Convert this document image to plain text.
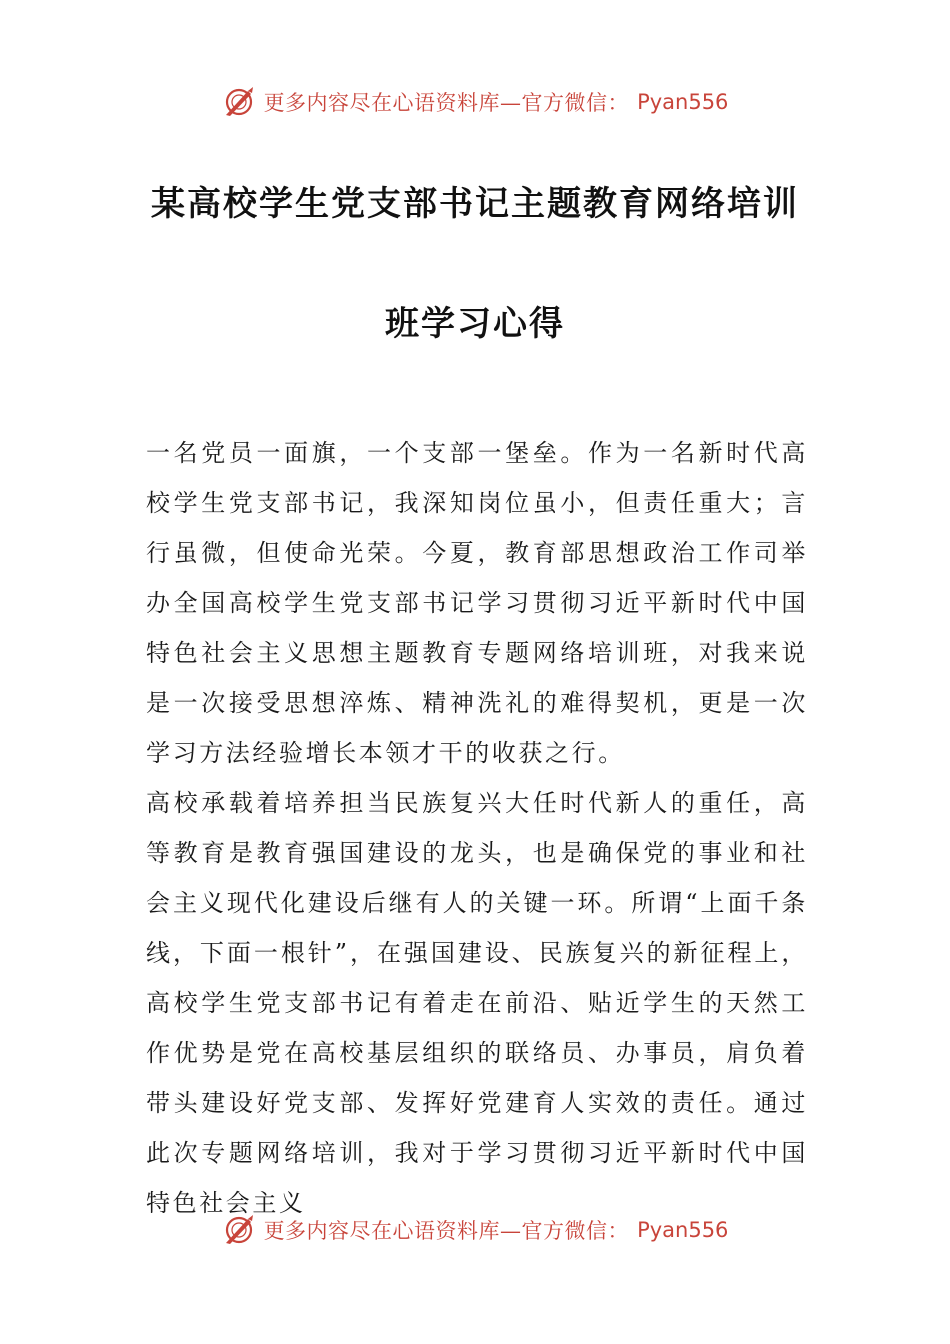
更多内容尽在心语资料库—官方微信： Pyan556
某高校学生党支部书记主题教育网络培训
班学习心得

一名党员一面旗，一个支部一堡垒。作为一名新时代高校学生党支部书记，我深知岗位虽小，但责任重大；言行虽微，但使命光荣。今夏，教育部思想政治工作司举办全国高校学生党支部书记学习贯彻习近平新时代中国特色社会主义思想主题教育专题网络培训班，对我来说是一次接受思想淬炼、精神洗礼的难得契机，更是一次学习方法经验增长本领才干的收获之行。

高校承载着培养担当民族复兴大任时代新人的重任，高等教育是教育强国建设的龙头，也是确保党的事业和社会主义现代化建设后继有人的关键一环。所谓“上面千条线，下面一根针”，在强国建设、民族复兴的新征程上，高校学生党支部书记有着走在前沿、贴近学生的天然工作优势是党在高校基层组织的联络员、办事员，肩负着带头建设好党支部、发挥好党建育人实效的责任。通过此次专题网络培训，我对于学习贯彻习近平新时代中国特色社会主义

更多内容尽在心语资料库—官方微信： Pyan556
